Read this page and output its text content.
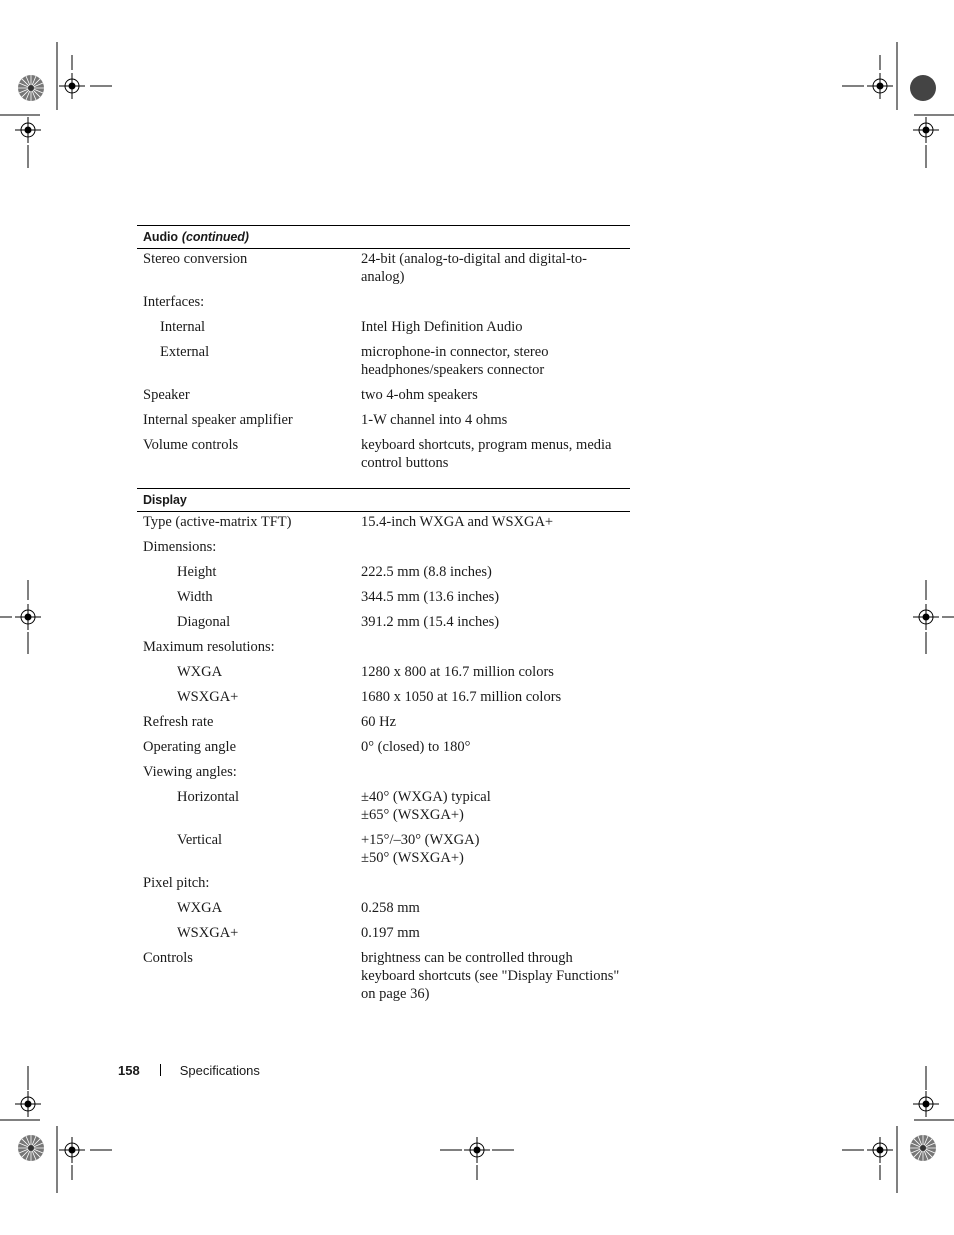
Audio (continued)
Stereo conversion	24-bit (analog-to-digital and digital-to-
analog)
Interfaces:
Internal	Intel High Definition Audio
External	microphone-in connector, stereo
headphones/speakers connector
Speaker	two 4-ohm speakers
Internal speaker amplifier	1-W channel into 4 ohms
Volume controls	keyboard shortcuts, program menus, media
control buttons
Display
Type (active-matrix TFT)	15.4-inch WXGA and WSXGA+
Dimensions:
Height	222.5 mm (8.8 inches)
Width	344.5 mm (13.6 inches)
Diagonal	391.2 mm (15.4 inches)
Maximum resolutions:
WXGA	1280 x 800 at 16.7 million colors
WSXGA+	1680 x 1050 at 16.7 million colors
Refresh rate	60 Hz
Operating angle	0° (closed) to 180°
Viewing angles:
Horizontal	±40° (WXGA) typical
±65° (WSXGA+)
Vertical	+15°/–30° (WXGA)
±50° (WSXGA+)
Pixel pitch:
WXGA	0.258 mm
WSXGA+	0.197 mm
Controls	brightness can be controlled through
keyboard shortcuts (see "Display Functions"
on page 36)
158	Specifications
